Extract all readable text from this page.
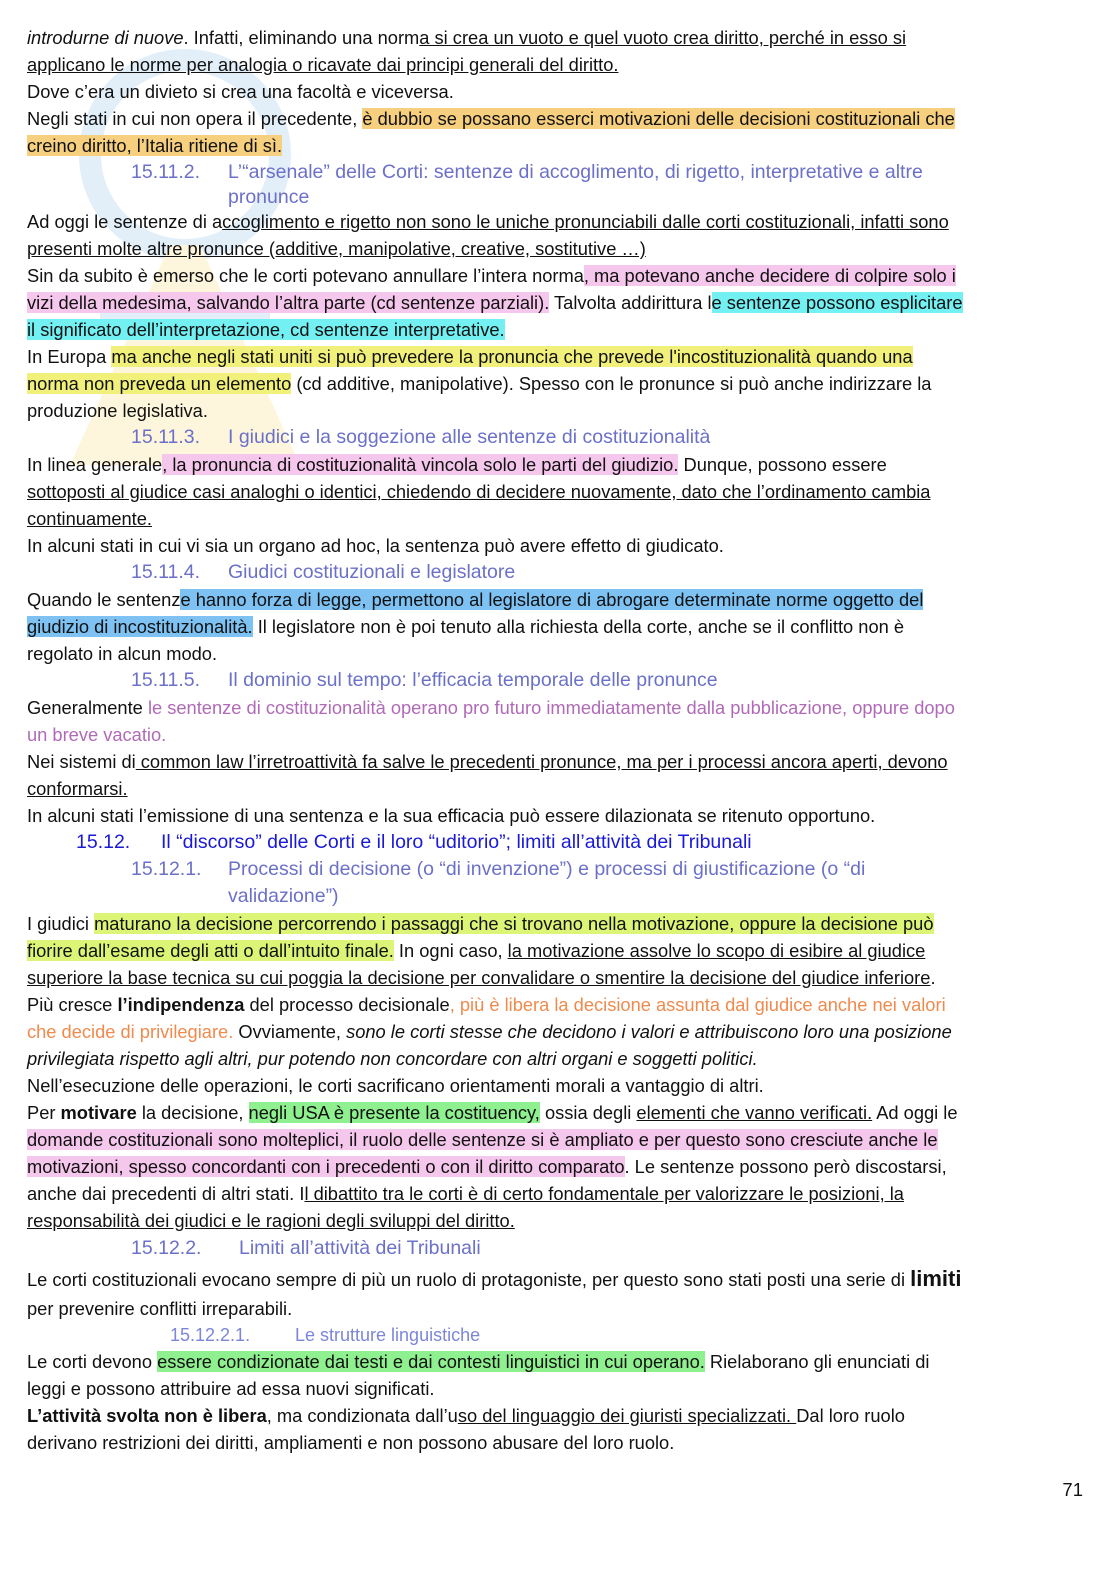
introdurne di nuove. Infatti, eliminando una norma si crea un vuoto e quel vuoto crea diritto, perché in esso si
applicano le norme per analogia o ricavate dai principi generali del diritto.
Dove c’era un divieto si crea una facoltà e viceversa.
Negli stati in cui non opera il precedente, è dubbio se possano esserci motivazioni delle decisioni costituzionali che
creino diritto, l’Italia ritiene di sì.
15.11.2. L’“arsenale” delle Corti: sentenze di accoglimento, di rigetto, interpretative e altre
pronunce
Ad oggi le sentenze di accoglimento e rigetto non sono le uniche pronunciabili dalle corti costituzionali, infatti sono
presenti molte altre pronunce (additive, manipolative, creative, sostitutive …)
Sin da subito è emerso che le corti potevano annullare l’intera norma, ma potevano anche decidere di colpire solo i
vizi della medesima, salvando l’altra parte (cd sentenze parziali). Talvolta addirittura le sentenze possono esplicitare
il significato dell’interpretazione, cd sentenze interpretative.
In Europa ma anche negli stati uniti si può prevedere la pronuncia che prevede l'incostituzionalità quando una
norma non preveda un elemento (cd additive, manipolative). Spesso con le pronunce si può anche indirizzare la
produzione legislativa.
15.11.3. I giudici e la soggezione alle sentenze di costituzionalità
In linea generale, la pronuncia di costituzionalità vincola solo le parti del giudizio. Dunque, possono essere
sottoposti al giudice casi analoghi o identici, chiedendo di decidere nuovamente, dato che l’ordinamento cambia
continuamente.
In alcuni stati in cui vi sia un organo ad hoc, la sentenza può avere effetto di giudicato.
15.11.4. Giudici costituzionali e legislatore
Quando le sentenze hanno forza di legge, permettono al legislatore di abrogare determinate norme oggetto del
giudizio di incostituzionalità. Il legislatore non è poi tenuto alla richiesta della corte, anche se il conflitto non è
regolato in alcun modo.
15.11.5. Il dominio sul tempo: l’efficacia temporale delle pronunce
Generalmente le sentenze di costituzionalità operano pro futuro immediatamente dalla pubblicazione, oppure dopo
un breve vacatio.
Nei sistemi di common law l’irretroattività fa salve le precedenti pronunce, ma per i processi ancora aperti, devono
conformarsi.
In alcuni stati l’emissione di una sentenza e la sua efficacia può essere dilazionata se ritenuto opportuno.
15.12. Il “discorso” delle Corti e il loro “uditorio”; limiti all’attività dei Tribunali
15.12.1. Processi di decisione (o “di invenzione”) e processi di giustificazione (o “di
validazione”)
I giudici maturano la decisione percorrendo i passaggi che si trovano nella motivazione, oppure la decisione può
fiorire dall’esame degli atti o dall’intuito finale. In ogni caso, la motivazione assolve lo scopo di esibire al giudice
superiore la base tecnica su cui poggia la decisione per convalidare o smentire la decisione del giudice inferiore.
Più cresce l’indipendenza del processo decisionale, più è libera la decisione assunta dal giudice anche nei valori
che decide di privilegiare. Ovviamente, sono le corti stesse che decidono i valori e attribuiscono loro una posizione
privilegiata rispetto agli altri, pur potendo non concordare con altri organi e soggetti politici.
Nell’esecuzione delle operazioni, le corti sacrificano orientamenti morali a vantaggio di altri.
Per motivare la decisione, negli USA è presente la costituency, ossia degli elementi che vanno verificati. Ad oggi le
domande costituzionali sono molteplici, il ruolo delle sentenze si è ampliato e per questo sono cresciute anche le
motivazioni, spesso concordanti con i precedenti o con il diritto comparato. Le sentenze possono però discostarsi,
anche dai precedenti di altri stati. Il dibattito tra le corti è di certo fondamentale per valorizzare le posizioni, la
responsabilità dei giudici e le ragioni degli sviluppi del diritto.
15.12.2. Limiti all’attività dei Tribunali
Le corti costituzionali evocano sempre di più un ruolo di protagoniste, per questo sono stati posti una serie di limiti
per prevenire conflitti irreparabili.
15.12.2.1. Le strutture linguistiche
Le corti devono essere condizionate dai testi e dai contesti linguistici in cui operano. Rielaborano gli enunciati di
leggi e possono attribuire ad essa nuovi significati.
L’attività svolta non è libera, ma condizionata dall’uso del linguaggio dei giuristi specializzati. Dal loro ruolo
derivano restrizioni dei diritti, ampliamenti e non possono abusare del loro ruolo.
71
